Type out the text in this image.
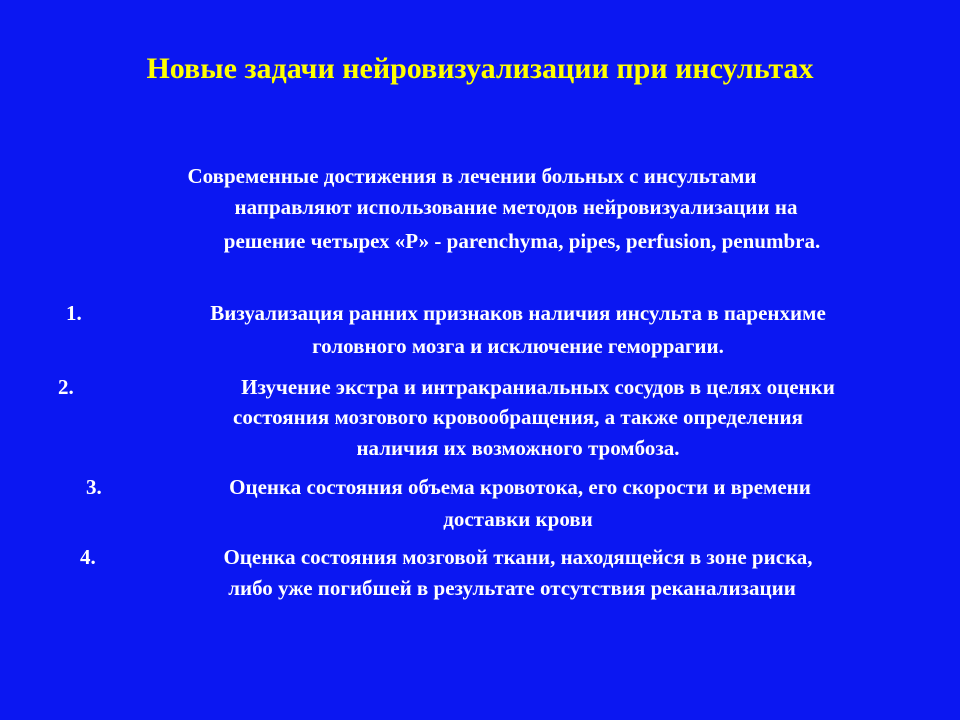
Новые задачи нейровизуализации при инсультах
Современные достижения в лечении больных с инсультами
направляют использование методов нейровизуализации на
решение четырех «Р» - parenchyma, pipes, perfusion, penumbra.
1.	Визуализация ранних признаков наличия инсульта в паренхиме
головного мозга и исключение геморрагии.
2.	Изучение экстра и интракраниальных сосудов в целях оценки
состояния мозгового кровообращения, а также определения
наличия их возможного тромбоза.
3.	Оценка состояния объема кровотока, его скорости и времени
доставки крови
4.	Оценка состояния мозговой ткани, находящейся в зоне риска,
либо уже погибшей в результате отсутствия реканализации
